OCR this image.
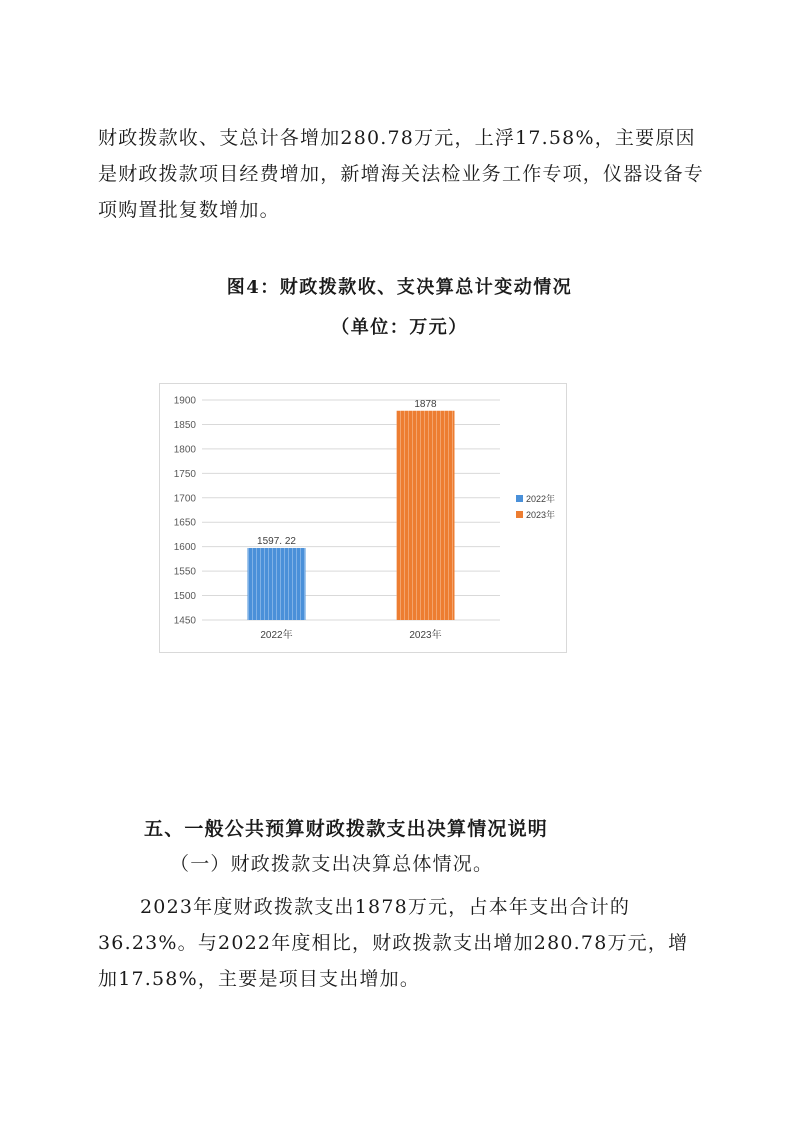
财政拨款收、支总计各增加280.78万元，上浮17.58%，主要原因是财政拨款项目经费增加，新增海关法检业务工作专项，仪器设备专项购置批复数增加。

图4：财政拨款收、支决算总计变动情况

（单位：万元）

1450
1500
1550
1600
1650
1700
1750
1800
1850
1900
1597. 22
2022年
1878
2023年
2022年
2023年

五、一般公共预算财政拨款支出决算情况说明

（一）财政拨款支出决算总体情况。

2023年度财政拨款支出1878万元，占本年支出合计的36.23%。与2022年度相比，财政拨款支出增加280.78万元，增加17.58%，主要是项目支出增加。
